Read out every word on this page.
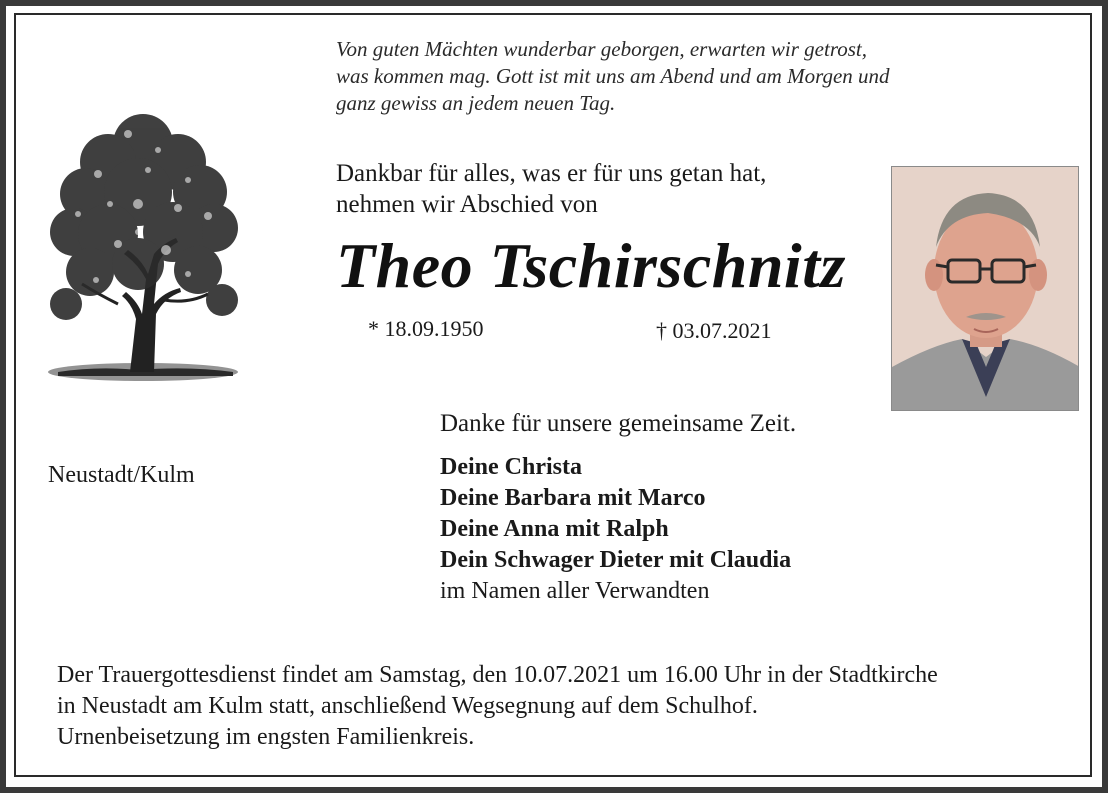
Von guten Mächten wunderbar geborgen, erwarten wir getrost,
was kommen mag. Gott ist mit uns am Abend und am Morgen und
ganz gewiss an jedem neuen Tag.
Dankbar für alles, was er für uns getan hat,
nehmen wir Abschied von
Theo Tschirschnitz
* 18.09.1950	† 03.07.2021
Danke für unsere gemeinsame Zeit.
Neustadt/Kulm	Deine Christa
Deine Barbara mit Marco
Deine Anna mit Ralph
Dein Schwager Dieter mit Claudia
im Namen aller Verwandten
Der Trauergottesdienst findet am Samstag, den 10.07.2021 um 16.00 Uhr in der Stadtkirche
in Neustadt am Kulm statt, anschließend Wegsegnung auf dem Schulhof.
Urnenbeisetzung im engsten Familienkreis.
